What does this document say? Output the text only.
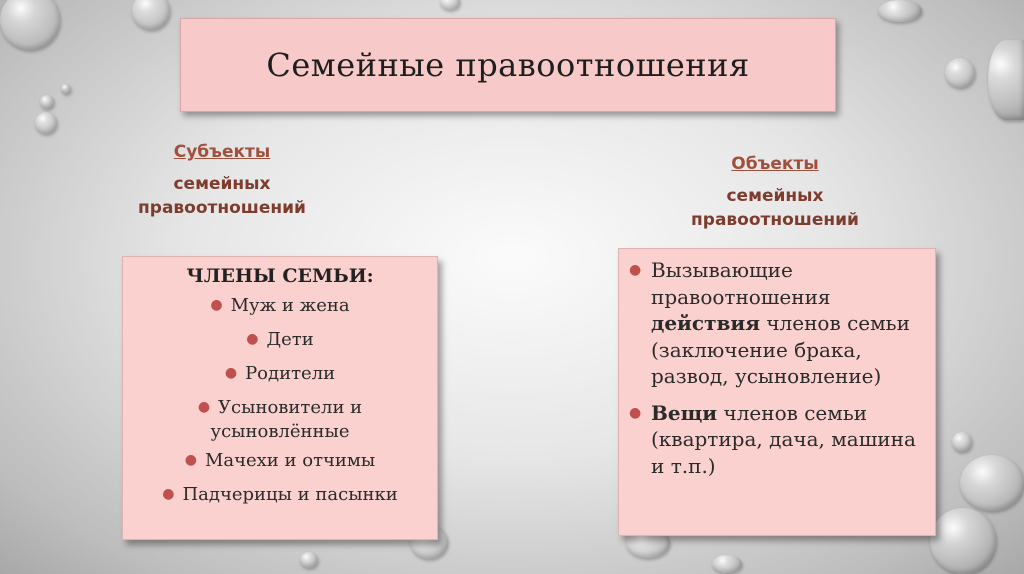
Семейные правоотношения
Субъекты
семейных
правоотношений
Объекты
семейных
правоотношений
ЧЛЕНЫ СЕМЬИ:
● Муж и жена
● Дети
● Родители
● Усыновители и
усыновлённые
● Мачехи и отчимы
● Падчерицы и пасынки
● Вызывающие правоотношения действия членов семьи (заключение брака, развод, усыновление)
● Вещи членов семьи (квартира, дача, машина и т.п.)
